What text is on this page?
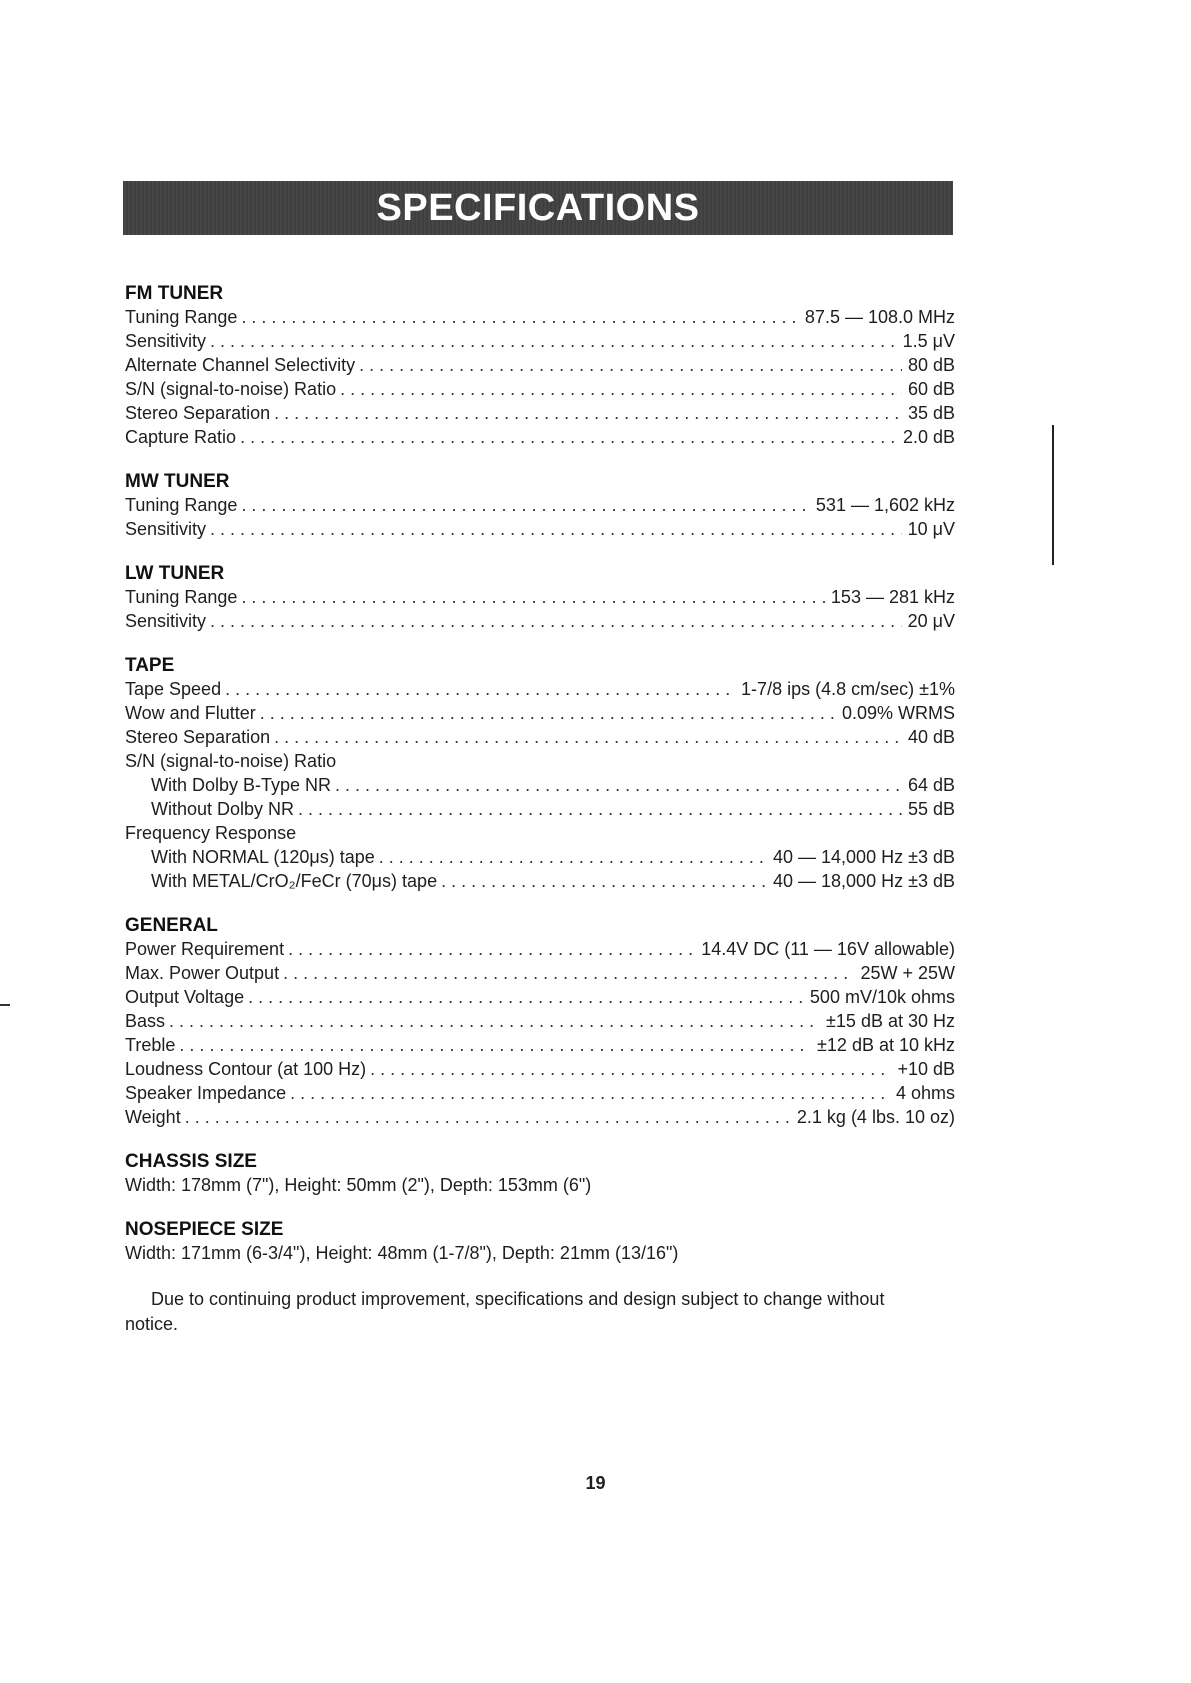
SPECIFICATIONS
FM TUNER
Tuning Range . . .	87.5 — 108.0 MHz
Sensitivity . . .	1.5 μV
Alternate Channel Selectivity . . .	80 dB
S/N (signal-to-noise) Ratio . . .	60 dB
Stereo Separation . . .	35 dB
Capture Ratio . . .	2.0 dB
MW TUNER
Tuning Range . . .	531 — 1,602 kHz
Sensitivity . . .	10 μV
LW TUNER
Tuning Range . . .	153 — 281 kHz
Sensitivity . . .	20 μV
TAPE
Tape Speed . . .	1-7/8 ips (4.8 cm/sec) ±1%
Wow and Flutter . . .	0.09% WRMS
Stereo Separation . . .	40 dB
S/N (signal-to-noise) Ratio
With Dolby B-Type NR . . .	64 dB
Without Dolby NR . . .	55 dB
Frequency Response
With NORMAL (120μs) tape . . .	40 — 14,000 Hz ±3 dB
With METAL/CrO₂/FeCr (70μs) tape . . .	40 — 18,000 Hz ±3 dB
GENERAL
Power Requirement . . .	14.4V DC (11 — 16V allowable)
Max. Power Output . . .	25W + 25W
Output Voltage . . .	500 mV/10k ohms
Bass . . .	±15 dB at 30 Hz
Treble . . .	±12 dB at 10 kHz
Loudness Contour (at 100 Hz) . . .	+10 dB
Speaker Impedance . . .	4 ohms
Weight . . .	2.1 kg (4 lbs. 10 oz)
CHASSIS SIZE
Width: 178mm (7"), Height: 50mm (2"), Depth: 153mm (6")
NOSEPIECE SIZE
Width: 171mm (6-3/4"), Height: 48mm (1-7/8"), Depth: 21mm (13/16")
Due to continuing product improvement, specifications and design subject to change without notice.
19
